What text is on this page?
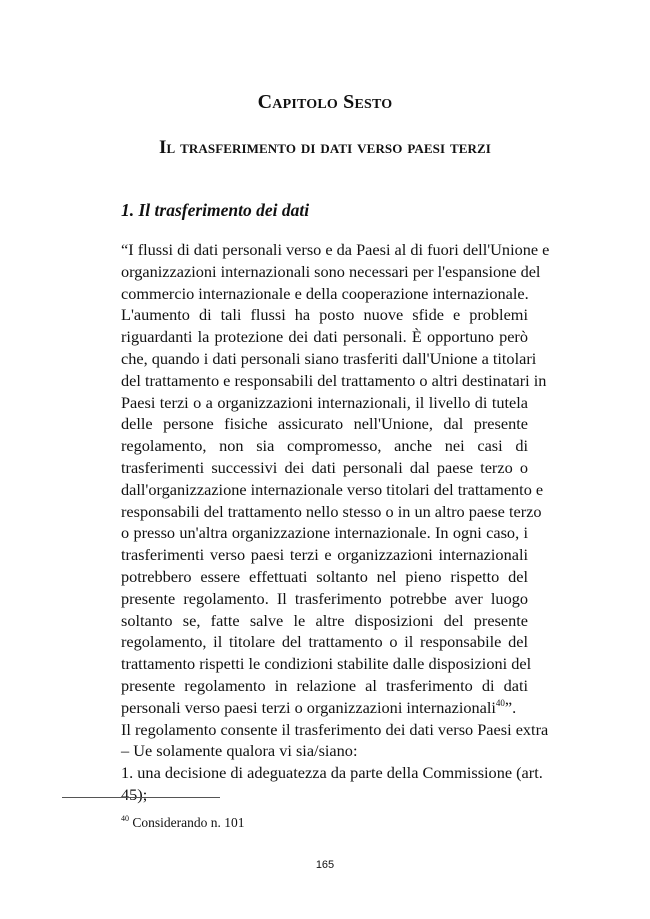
Capitolo Sesto
Il trasferimento di dati verso paesi terzi
1. Il trasferimento dei dati
“I flussi di dati personali verso e da Paesi al di fuori dell'Unione e
organizzazioni internazionali sono necessari per l'espansione del
commercio internazionale e della cooperazione internazionale.
L'aumento di tali flussi ha posto nuove sfide e problemi
riguardanti la protezione dei dati personali. È opportuno però
che, quando i dati personali siano trasferiti dall'Unione a titolari
del trattamento e responsabili del trattamento o altri destinatari in
Paesi terzi o a organizzazioni internazionali, il livello di tutela
delle persone fisiche assicurato nell'Unione, dal presente
regolamento, non sia compromesso, anche nei casi di
trasferimenti successivi dei dati personali dal paese terzo o
dall'organizzazione internazionale verso titolari del trattamento e
responsabili del trattamento nello stesso o in un altro paese terzo
o presso un'altra organizzazione internazionale. In ogni caso, i
trasferimenti verso paesi terzi e organizzazioni internazionali
potrebbero essere effettuati soltanto nel pieno rispetto del
presente regolamento. Il trasferimento potrebbe aver luogo
soltanto se, fatte salve le altre disposizioni del presente
regolamento, il titolare del trattamento o il responsabile del
trattamento rispetti le condizioni stabilite dalle disposizioni del
presente regolamento in relazione al trasferimento di dati
personali verso paesi terzi o organizzazioni internazionali$^{40}$”.
Il regolamento consente il trasferimento dei dati verso Paesi extra
– Ue solamente qualora vi sia/siano:
1. una decisione di adeguatezza da parte della Commissione (art.
45);
$^{40}$ Considerando n. 101
165
